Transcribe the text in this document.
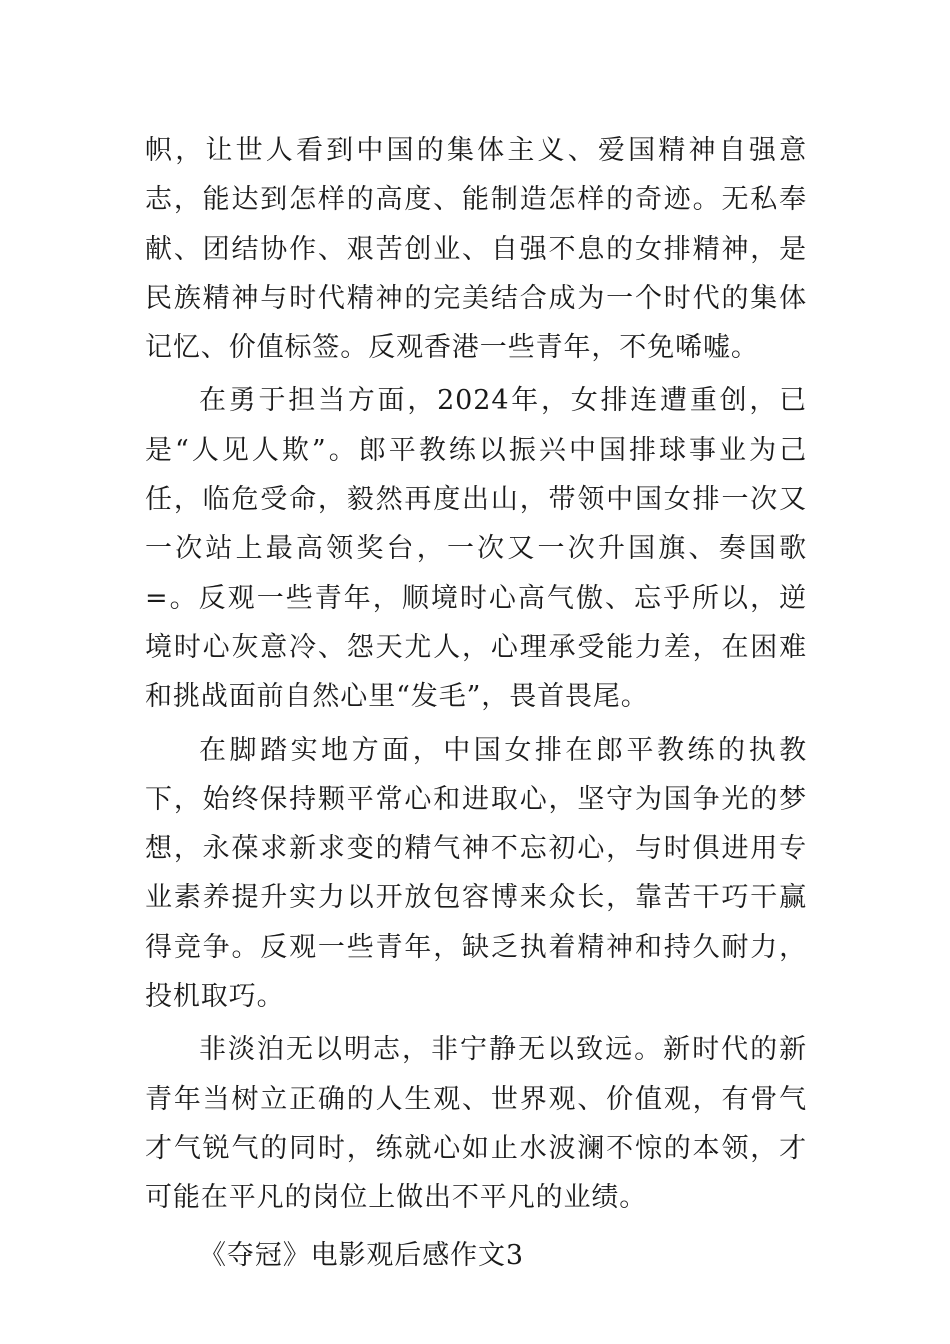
帜，让世人看到中国的集体主义、爱国精神自强意志，能达到怎样的高度、能制造怎样的奇迹。无私奉献、团结协作、艰苦创业、自强不息的女排精神，是民族精神与时代精神的完美结合成为一个时代的集体记忆、价值标签。反观香港一些青年，不免唏嘘。

在勇于担当方面，2024年，女排连遭重创，已是“人见人欺”。郎平教练以振兴中国排球事业为己任，临危受命，毅然再度出山，带领中国女排一次又一次站上最高领奖台，一次又一次升国旗、奏国歌=。反观一些青年，顺境时心高气傲、忘乎所以，逆境时心灰意冷、怨天尤人，心理承受能力差，在困难和挑战面前自然心里“发毛”，畏首畏尾。

在脚踏实地方面，中国女排在郎平教练的执教下，始终保持颗平常心和进取心，坚守为国争光的梦想，永葆求新求变的精气神不忘初心，与时俱进用专业素养提升实力以开放包容博来众长，靠苦干巧干赢得竞争。反观一些青年，缺乏执着精神和持久耐力，投机取巧。

非淡泊无以明志，非宁静无以致远。新时代的新青年当树立正确的人生观、世界观、价值观，有骨气才气锐气的同时，练就心如止水波澜不惊的本领，才可能在平凡的岗位上做出不平凡的业绩。

《夺冠》电影观后感作文3
